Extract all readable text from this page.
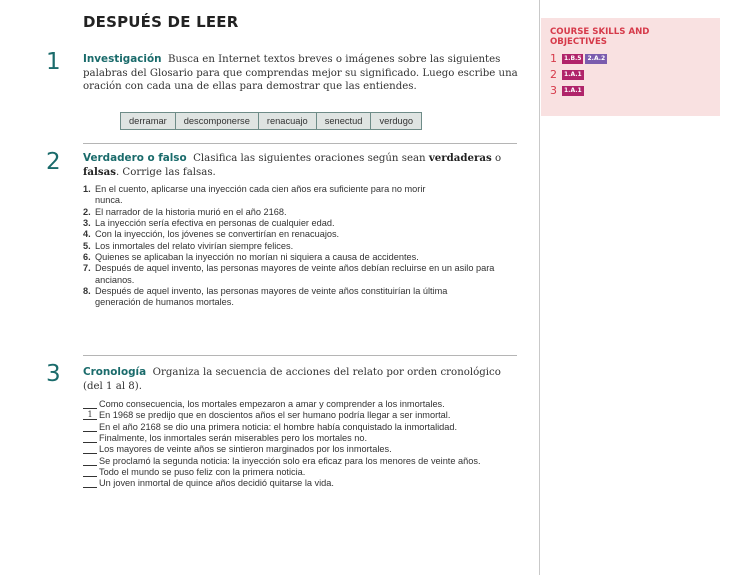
DESPUÉS DE LEER
1 Investigación Busca en Internet textos breves o imágenes sobre las siguientes palabras del Glosario para que comprendas mejor su significado. Luego escribe una oración con cada una de ellas para demostrar que las entiendes.
derramar	descomponerse	renacuajo	senectud	verdugo
2 Verdadero o falso Clasifica las siguientes oraciones según sean verdaderas o falsas. Corrige las falsas.
1. En el cuento, aplicarse una inyección cada cien años era suficiente para no morir nunca.
2. El narrador de la historia murió en el año 2168.
3. La inyección sería efectiva en personas de cualquier edad.
4. Con la inyección, los jóvenes se convertirían en renacuajos.
5. Los inmortales del relato vivirían siempre felices.
6. Quienes se aplicaban la inyección no morían ni siquiera a causa de accidentes.
7. Después de aquel invento, las personas mayores de veinte años debían recluirse en un asilo para ancianos.
8. Después de aquel invento, las personas mayores de veinte años constituirían la última generación de humanos mortales.
3 Cronología Organiza la secuencia de acciones del relato por orden cronológico (del 1 al 8).
Como consecuencia, los mortales empezaron a amar y comprender a los inmortales.
1 En 1968 se predijo que en doscientos años el ser humano podría llegar a ser inmortal.
En el año 2168 se dio una primera noticia: el hombre había conquistado la inmortalidad.
Finalmente, los inmortales serán miserables pero los mortales no.
Los mayores de veinte años se sintieron marginados por los inmortales.
Se proclamó la segunda noticia: la inyección solo era eficaz para los menores de veinte años.
Todo el mundo se puso feliz con la primera noticia.
Un joven inmortal de quince años decidió quitarse la vida.
COURSE SKILLS AND OBJECTIVES
1	1.B.5	2.A.2
2	1.A.1
3	1.A.1
